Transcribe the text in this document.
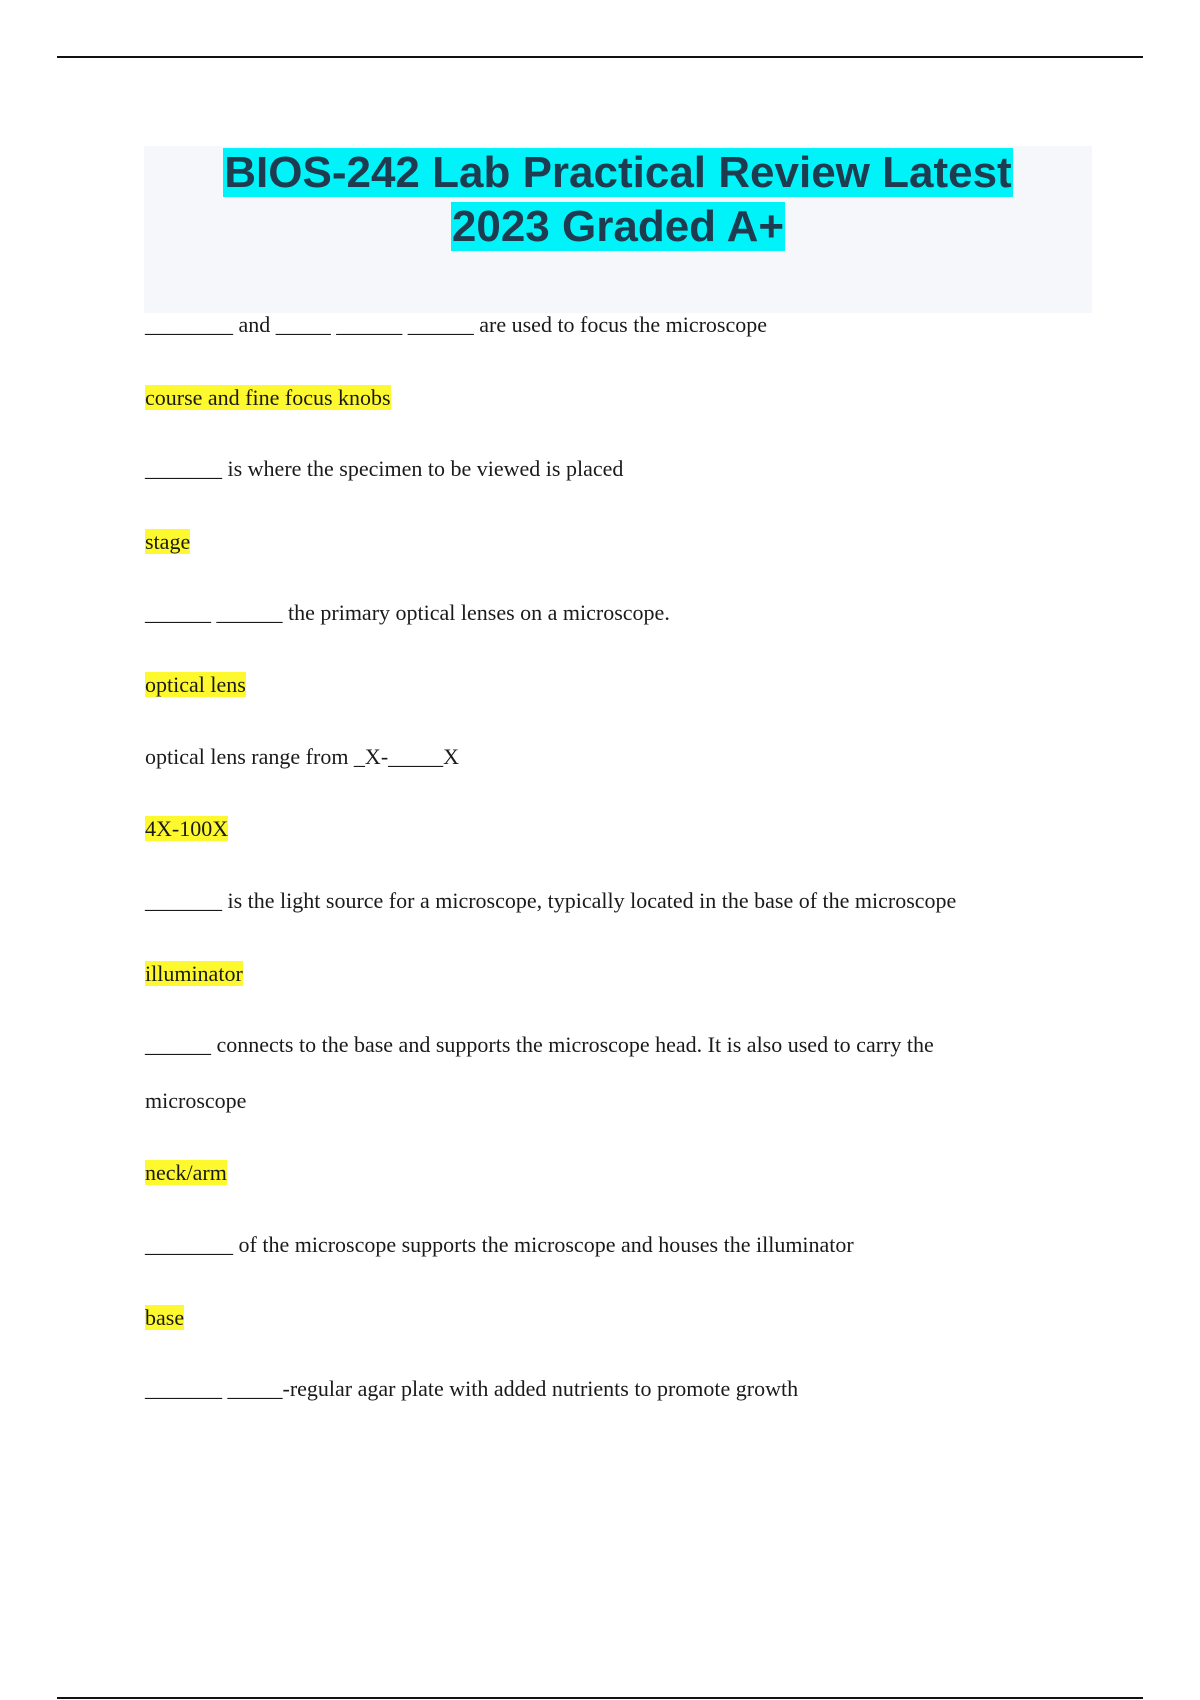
BIOS-242 Lab Practical Review Latest
2023 Graded A+
________ and _____ ______ ______ are used to focus the microscope
course and fine focus knobs
_______ is where the specimen to be viewed is placed
stage
______ ______ the primary optical lenses on a microscope.
optical lens
optical lens range from _X-_____X
4X-100X
_______ is the light source for a microscope, typically located in the base of the microscope
illuminator
______ connects to the base and supports the microscope head. It is also used to carry the
microscope
neck/arm
________ of the microscope supports the microscope and houses the illuminator
base
_______ _____-regular agar plate with added nutrients to promote growth
